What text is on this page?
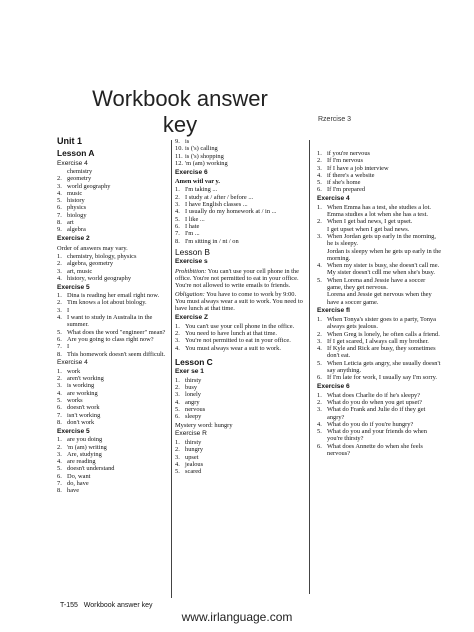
Workbook answer
key	Rzercise 3
Unit 1
Lesson A
Exercise 4
chemistry
2. geometry
3. world geography
4. music
5. history
6. physics
7. biology
8. art
9. algebra
Exercise 2
Order of answers may vary.
1. chemistry, biology, physics
2. algebra, geometry
3. art, music
4. history, world geography
Exercise 5
1. Dina is reading her email right now.
2. Tim knows a lot about biology.
3. I
4. I want to study in Australia in the summer.
5. What does the word "engineer" mean?
6. Are you going to class right now?
7. I
8. This homework doesn't seem difficult.
Exercise 4
1. work
2. aren't working
3. is working
4. are working
5. works
6. doesn't work
7. isn't working
8. don't work
Exercise 5
1. are you doing
2. 'm (am) writing
3. Are, studying
4. are reading
5. doesn't understand
6. Do, want
7. do, have
8. have
9. is
10. is ('s) calling
11. is ('s) shopping
12. 'm (am) working
Exercise 6
Amen witl var y.
1. I'm taking ...
2. I study at / after / before ...
3. I have English classes ...
4. I usually do my homework at / in ...
5. I like ...
6. I hate
7. I'm ...
8. I'm sitting in / nt / on
Lesson B
Exercise s
Prohibition: You can't use your cell phone in the office. You're not permitted to eat in your office. You're not allowed to write emails to friends.
Obligation: You have to come to work by 9:00. You must always wear a suit to work. You need to have lunch at that time.
Exercise Z
1. You can't use your cell phone in the office.
2. You need to have lunch at that time.
3. You're not permitted to eat in your office.
4. You must always wear a suit to work.
Lesson C
Exer se 1
1. thirsty
2. busy
3. lonely
4. angry
5. nervous
6. sleepy
Mystery word: hungry
Exercise R
1. thirsty
2. hungry
3. upset
4. jealous
5. scared
1. if you're nervous
2. If I'm nervous
3. If I have a job interview
4. if there's a website
5. if she's home
6. If I'm prepared
Exercise 4
1. When Emma has a test, she studies a lot.
Emma studies a lot when she has a test.
2. When I get bad news, I get upset.
I get upset when I get bad news.
3. When Jordan gets up early in the morning, he is sleepy.
Jordan is sleepy when he gets up early in the morning.
4. When my sister is busy, she doesn't call me.
My sister doesn't cdll me when she's busy.
5. When Lorena and Jessie have a soccer game, they get nervous.
Lorena and Jessie get nervous when they have a soccer game.
Exercise fl
1. When Tonya's sister goes to a party, Tonya always gets jealous.
2. When Greg is lonely, he often calls a friend.
3. If I get scared, I always call my brother.
4. If Kyle and Rick are busy, they sometimes don't eat.
5. When Leticia gets angry, she usually doesn't say anything.
6. If I'm late for work, I usually say I'm sorry.
Exercise 6
1. What does Charlie do if he's sleepy?
2. What do you do when you get upset?
3. What do Frank and Julie do if they get angry?
4. What do you do if you're hungry?
5. What do you and your friends do when you're thirsty?
6. What does Annette do when she feels nervous?
T-155 Workbook answer key
www.irlanguage.com
